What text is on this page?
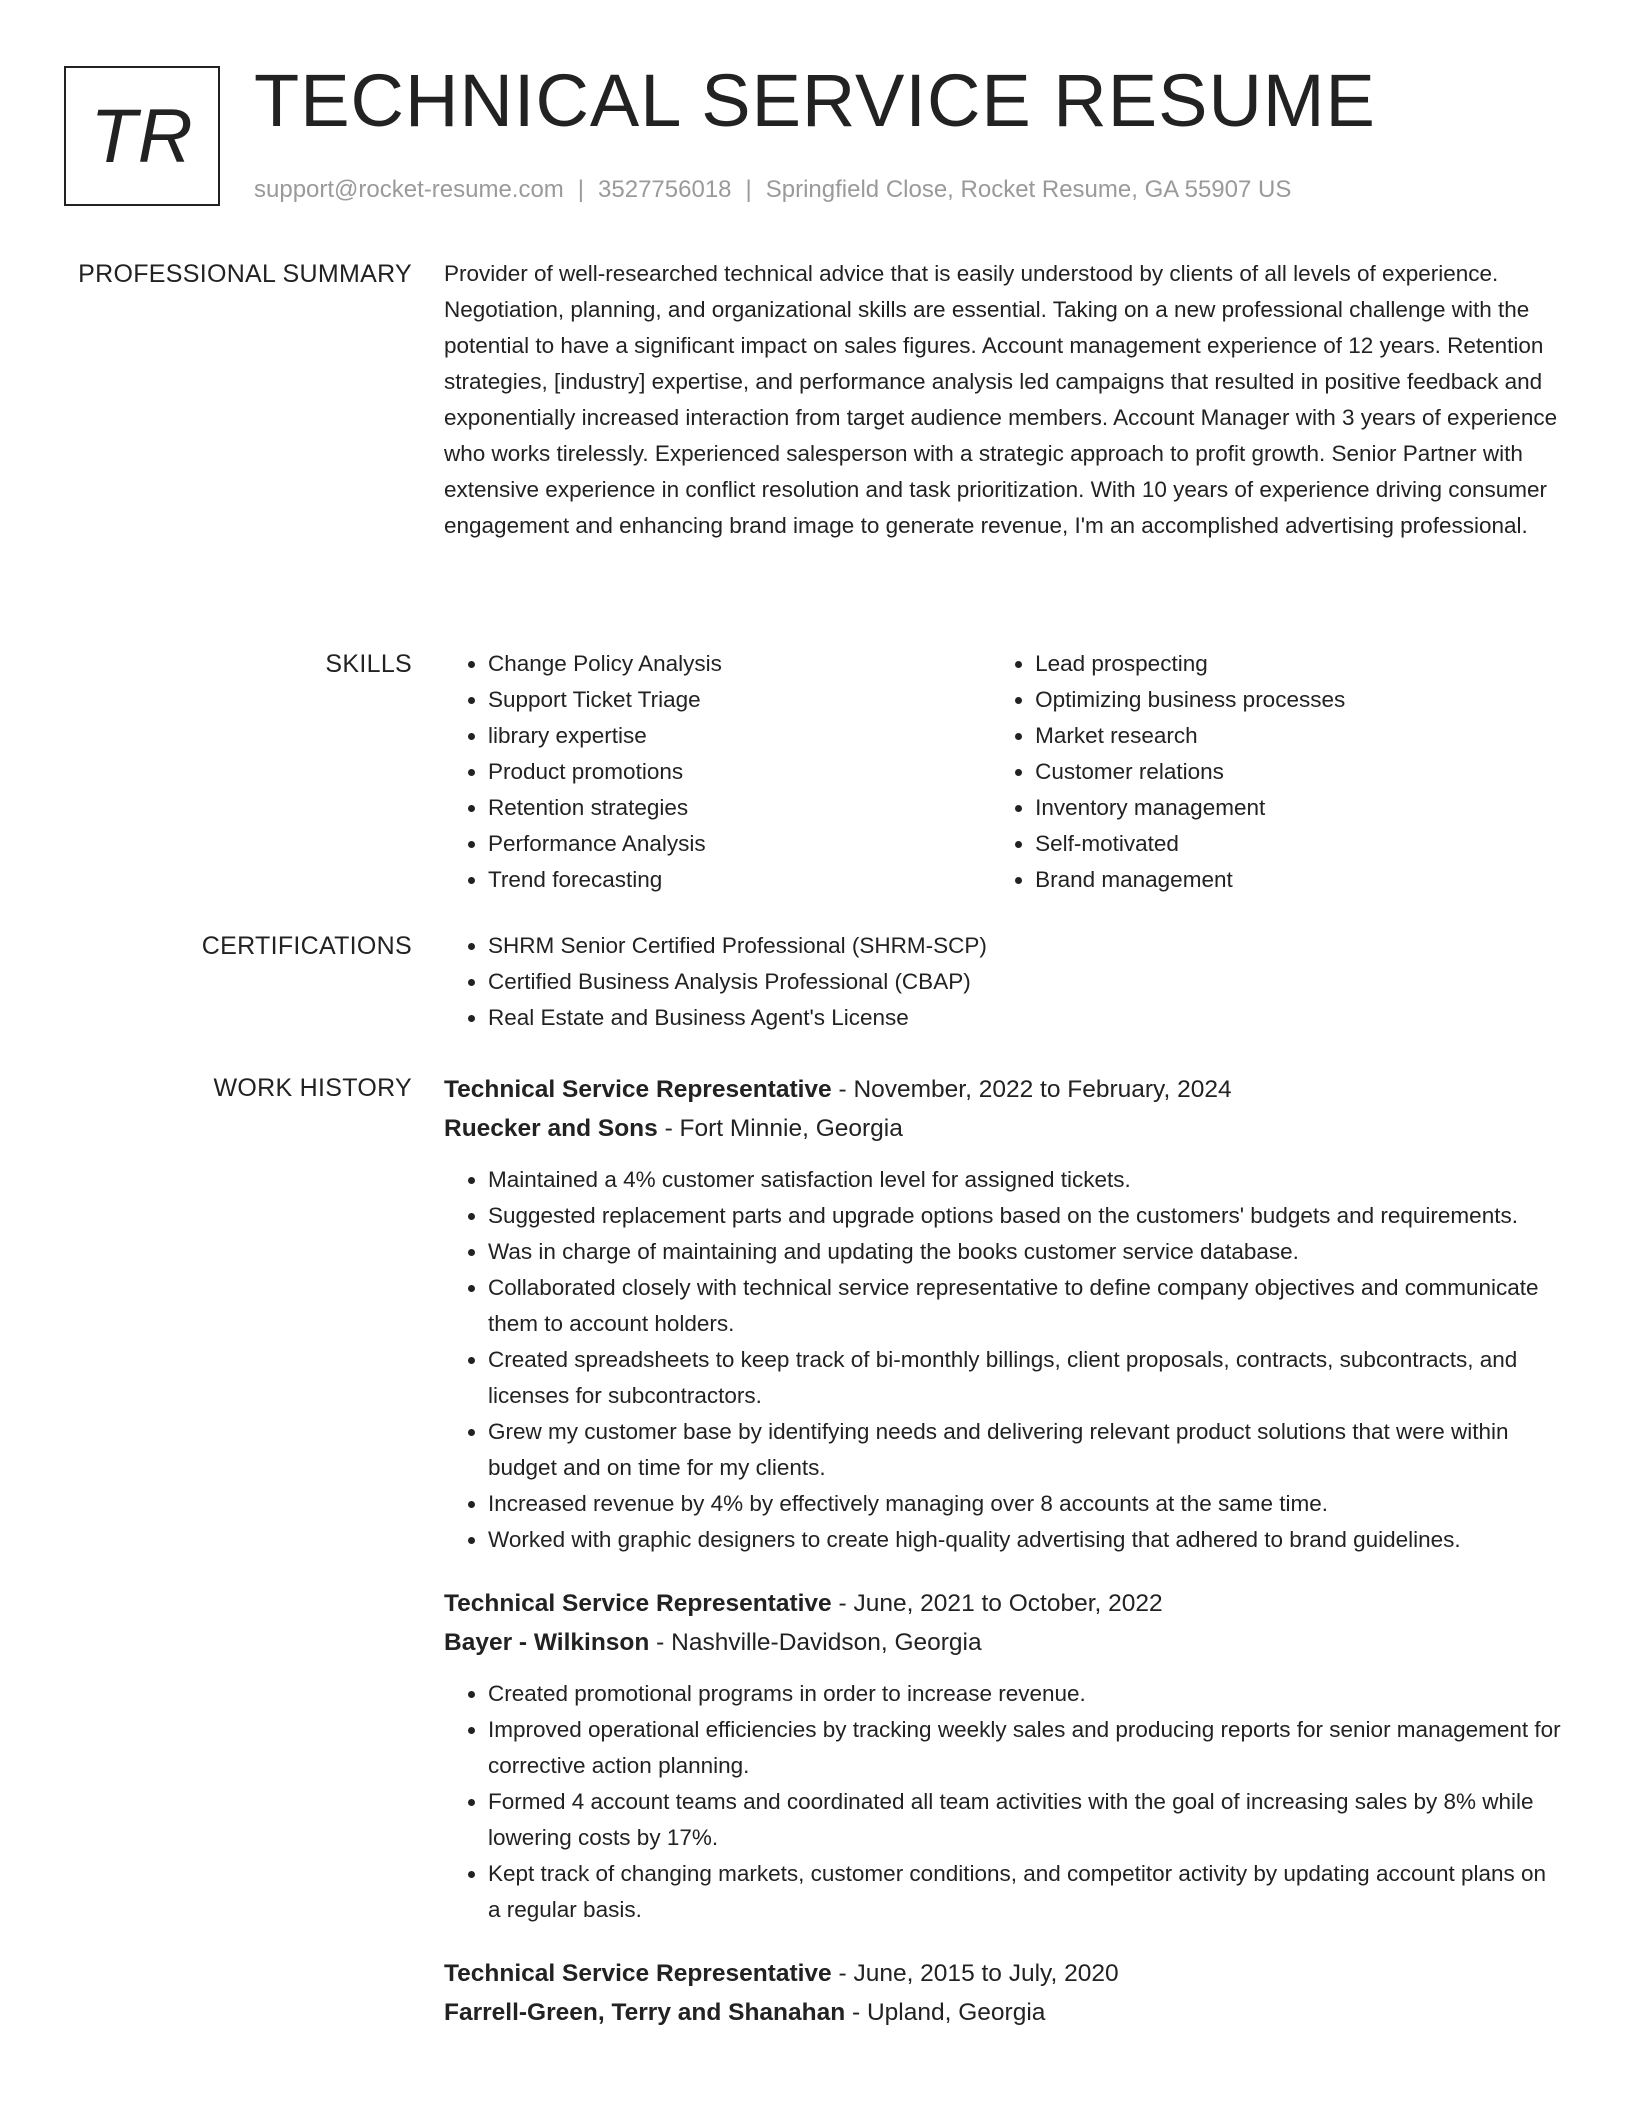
TR TECHNICAL SERVICE RESUME
support@rocket-resume.com | 3527756018 | Springfield Close, Rocket Resume, GA 55907 US
PROFESSIONAL SUMMARY Provider of well-researched technical advice that is easily understood by clients of all levels of experience. Negotiation, planning, and organizational skills are essential. Taking on a new professional challenge with the potential to have a significant impact on sales figures. Account management experience of 12 years. Retention strategies, [industry] expertise, and performance analysis led campaigns that resulted in positive feedback and exponentially increased interaction from target audience members. Account Manager with 3 years of experience who works tirelessly. Experienced salesperson with a strategic approach to profit growth. Senior Partner with extensive experience in conflict resolution and task prioritization. With 10 years of experience driving consumer engagement and enhancing brand image to generate revenue, I'm an accomplished advertising professional.

SKILLS	• Change Policy Analysis
• Support Ticket Triage
• library expertise
• Product promotions
• Retention strategies
• Performance Analysis
• Trend forecasting
• Lead prospecting
• Optimizing business processes
• Market research
• Customer relations
• Inventory management
• Self-motivated
• Brand management
CERTIFICATIONS	• SHRM Senior Certified Professional (SHRM-SCP)
• Certified Business Analysis Professional (CBAP)
• Real Estate and Business Agent's License
WORK HISTORY Technical Service Representative - November, 2022 to February, 2024
Ruecker and Sons - Fort Minnie, Georgia
• Maintained a 4% customer satisfaction level for assigned tickets.
• Suggested replacement parts and upgrade options based on the customers' budgets and requirements.
• Was in charge of maintaining and updating the books customer service database.
• Collaborated closely with technical service representative to define company objectives and communicate them to account holders.
• Created spreadsheets to keep track of bi-monthly billings, client proposals, contracts, subcontracts, and licenses for subcontractors.
• Grew my customer base by identifying needs and delivering relevant product solutions that were within budget and on time for my clients.
• Increased revenue by 4% by effectively managing over 8 accounts at the same time.
• Worked with graphic designers to create high-quality advertising that adhered to brand guidelines.
Technical Service Representative - June, 2021 to October, 2022
Bayer - Wilkinson - Nashville-Davidson, Georgia
• Created promotional programs in order to increase revenue.
• Improved operational efficiencies by tracking weekly sales and producing reports for senior management for corrective action planning.
• Formed 4 account teams and coordinated all team activities with the goal of increasing sales by 8% while lowering costs by 17%.
• Kept track of changing markets, customer conditions, and competitor activity by updating account plans on a regular basis.
Technical Service Representative - June, 2015 to July, 2020
Farrell-Green, Terry and Shanahan - Upland, Georgia
